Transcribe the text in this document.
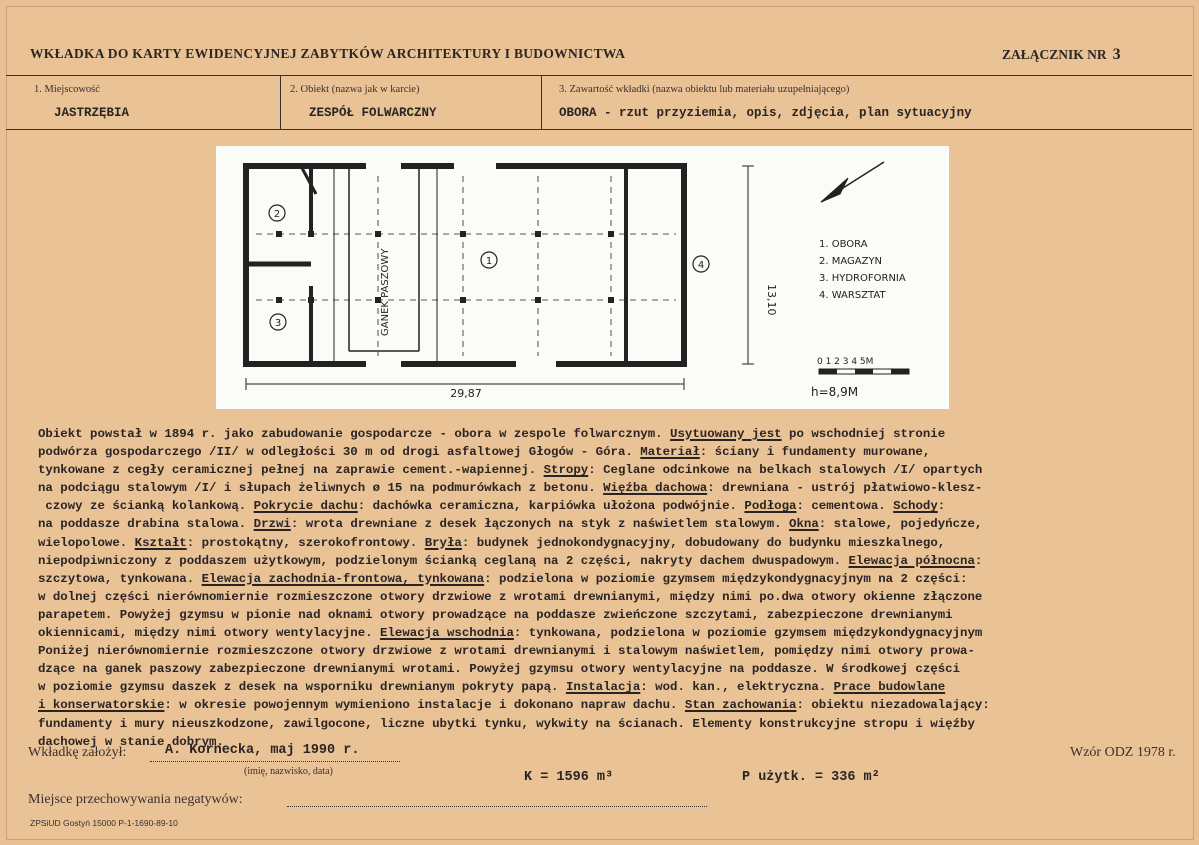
WKŁADKA DO KARTY EWIDENCYJNEJ ZABYTKÓW ARCHITEKTURY I BUDOWNICTWA	ZAŁĄCZNIK NR 3
1. Miejscowość
JASTRZĘBIA
2. Obiekt (nazwa jak w karcie)
ZESPÓŁ FOLWARCZNY
3. Zawartość wkładki (nazwa obiektu lub materiału uzupełniającego)
OBORA - rzut przyziemia, opis, zdjęcia, plan sytuacyjny
2
3
1	4
GANEK PASZOWY
29,87
13,10
1. OBORA
2. MAGAZYN
3. HYDROFORNIA
4. WARSZTAT
0 1 2 3 4 5M
h=8,9M
Obiekt powstał w 1894 r. jako zabudowanie gospodarcze - obora w zespole folwarcznym. Usytuowany jest po wschodniej stronie
podwórza gospodarczego /II/ w odległości 30 m od drogi asfaltowej Głogów - Góra. Materiał: ściany i fundamenty murowane,
tynkowane z cegły ceramicznej pełnej na zaprawie cement.-wapiennej. Stropy: Ceglane odcinkowe na belkach stalowych /I/ opartych
na podciągu stalowym /I/ i słupach żeliwnych ø 15 na podmurówkach z betonu. Więźba dachowa: drewniana - ustrój płatwiowo-klesz-
czowy ze ścianką kolankową. Pokrycie dachu: dachówka ceramiczna, karpiówka ułożona podwójnie. Podłoga: cementowa. Schody:
na poddasze drabina stalowa. Drzwi: wrota drewniane z desek łączonych na styk z naświetlem stalowym. Okna: stalowe, pojedyńcze,
wielopolowe. Kształt: prostokątny, szerokofrontowy. Bryła: budynek jednokondygnacyjny, dobudowany do budynku mieszkalnego,
niepodpiwniczony z poddaszem użytkowym, podzielonym ścianką ceglaną na 2 części, nakryty dachem dwuspadowym. Elewacja północna:
szczytowa, tynkowana. Elewacja zachodnia-frontowa, tynkowana: podzielona w poziomie gzymsem międzykondygnacyjnym na 2 części:
w dolnej części nierównomiernie rozmieszczone otwory drzwiowe z wrotami drewnianymi, między nimi po.dwa otwory okienne złączone
parapetem. Powyżej gzymsu w pionie nad oknami otwory prowadzące na poddasze zwieńczone szczytami, zabezpieczone drewnianymi
okiennicami, między nimi otwory wentylacyjne. Elewacja wschodnia: tynkowana, podzielona w poziomie gzymsem międzykondygnacyjnym
Poniżej nierównomiernie rozmieszczone otwory drzwiowe z wrotami drewnianymi i stalowym naświetlem, pomiędzy nimi otwory prowa-
dzące na ganek paszowy zabezpieczone drewnianymi wrotami. Powyżej gzymsu otwory wentylacyjne na poddasze. W środkowej części
w poziomie gzymsu daszek z desek na wsporniku drewnianym pokryty papą. Instalacja: wod. kan., elektryczna. Prace budowlane
i konserwatorskie: w okresie powojennym wymieniono instalacje i dokonano napraw dachu. Stan zachowania: obiektu niezadowalający:
fundamenty i mury nieuszkodzone, zawilgocone, liczne ubytki tynku, wykwity na ścianach. Elementy konstrukcyjne stropu i więźby
dachowej w stanie dobrym.
Wkładkę założył:	A. Kornecka, maj 1990 r.
(imię, nazwisko, data)
Wzór ODZ 1978 r.
K = 1596 m³	P użytk. = 336 m²
Miejsce przechowywania negatywów:
ZPSiUD Gostyń 15000 P-1-1690-89-10
